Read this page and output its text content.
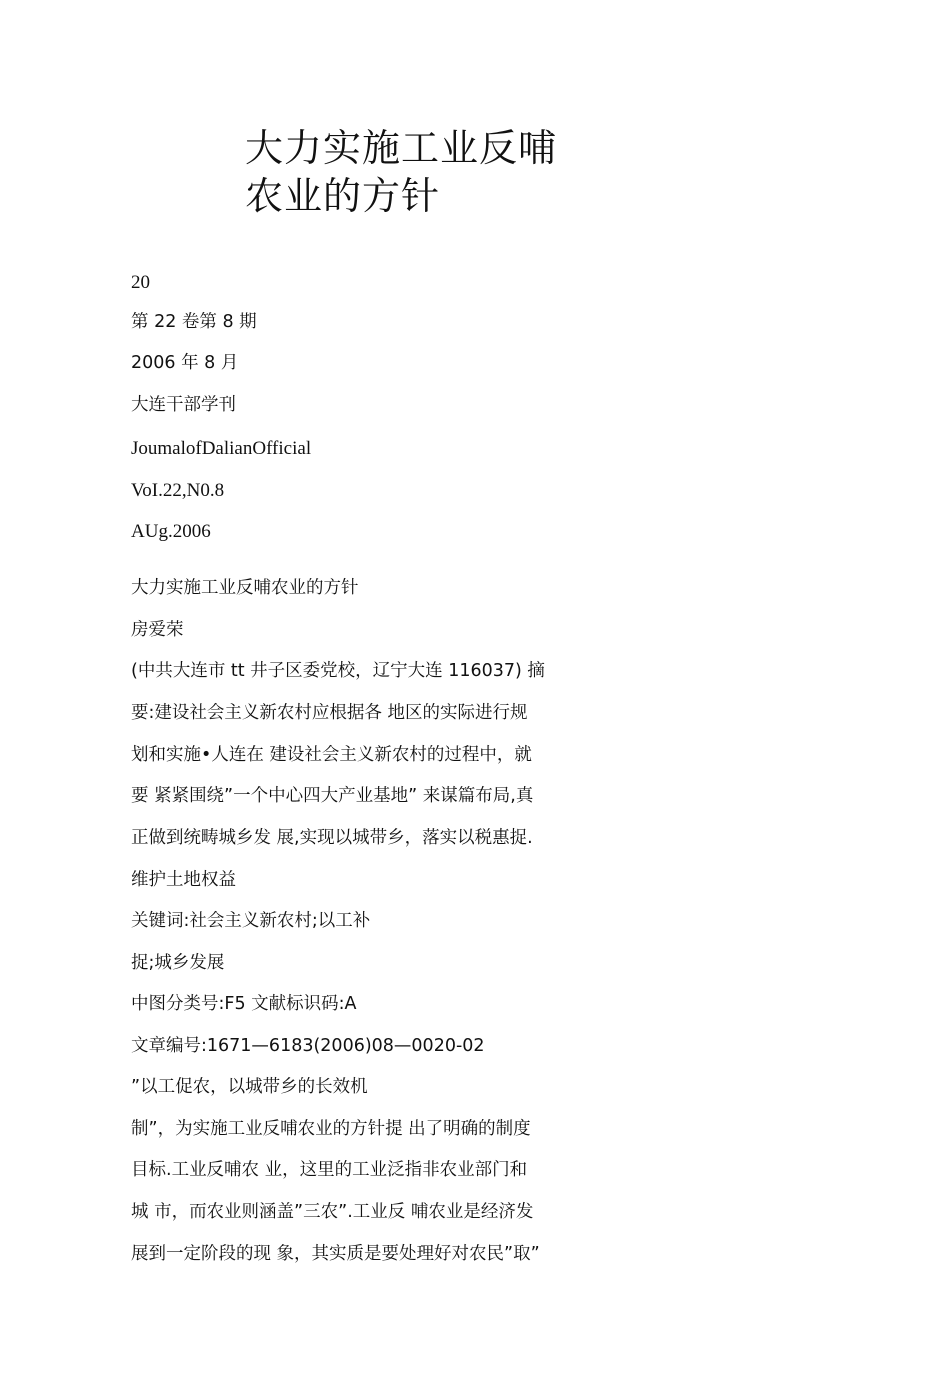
大力实施工业反哺
农业的方针
20
第 22 卷第 8 期
2006 年 8 月
大连干部学刊
JoumalofDalianOfficial
VoI.22,N0.8
AUg.2006
大力实施工业反哺农业的方针
房爱荣
(中共大连市 tt 井子区委党校，辽宁大连 116037) 摘
要:建设社会主义新农村应根据各 地区的实际进行规
划和实施•人连在 建设社会主义新农村的过程中，就
要 紧紧围绕”一个中心四大产业基地” 来谋篇布局,真
正做到统畴城乡发 展,实现以城带乡，落实以税惠捉.
维护土地权益
关键词:社会主义新农村;以工补
捉;城乡发展
中图分类号:F5 文献标识码:A
文章编号:1671—6183(2006)08—0020-02
”以工促农，以城带乡的长效机
制”，为实施工业反哺农业的方针提 出了明确的制度
目标.工业反哺农 业，这里的工业泛指非农业部门和
城 市，而农业则涵盖”三农”.工业反 哺农业是经济发
展到一定阶段的现 象，其实质是要处理好对农民”取”
